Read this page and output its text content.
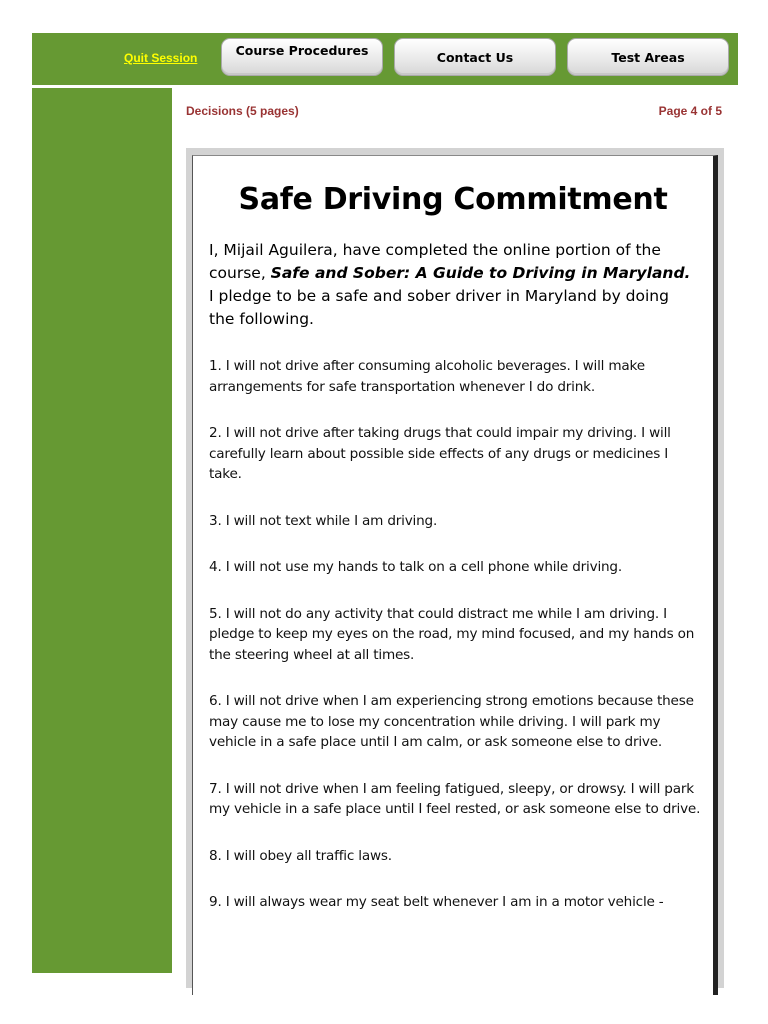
Quit Session
Course Procedures	Contact Us	Test Areas
Decisions (5 pages)	Page 4 of 5
Safe Driving Commitment
I, Mijail Aguilera, have completed the online portion of the course, Safe and Sober: A Guide to Driving in Maryland. I pledge to be a safe and sober driver in Maryland by doing the following.
1. I will not drive after consuming alcoholic beverages. I will make arrangements for safe transportation whenever I do drink.
2. I will not drive after taking drugs that could impair my driving. I will carefully learn about possible side effects of any drugs or medicines I take.
3. I will not text while I am driving.
4. I will not use my hands to talk on a cell phone while driving.
5. I will not do any activity that could distract me while I am driving. I pledge to keep my eyes on the road, my mind focused, and my hands on the steering wheel at all times.
6. I will not drive when I am experiencing strong emotions because these may cause me to lose my concentration while driving. I will park my vehicle in a safe place until I am calm, or ask someone else to drive.
7. I will not drive when I am feeling fatigued, sleepy, or drowsy. I will park my vehicle in a safe place until I feel rested, or ask someone else to drive.
8. I will obey all traffic laws.
9. I will always wear my seat belt whenever I am in a motor vehicle -
